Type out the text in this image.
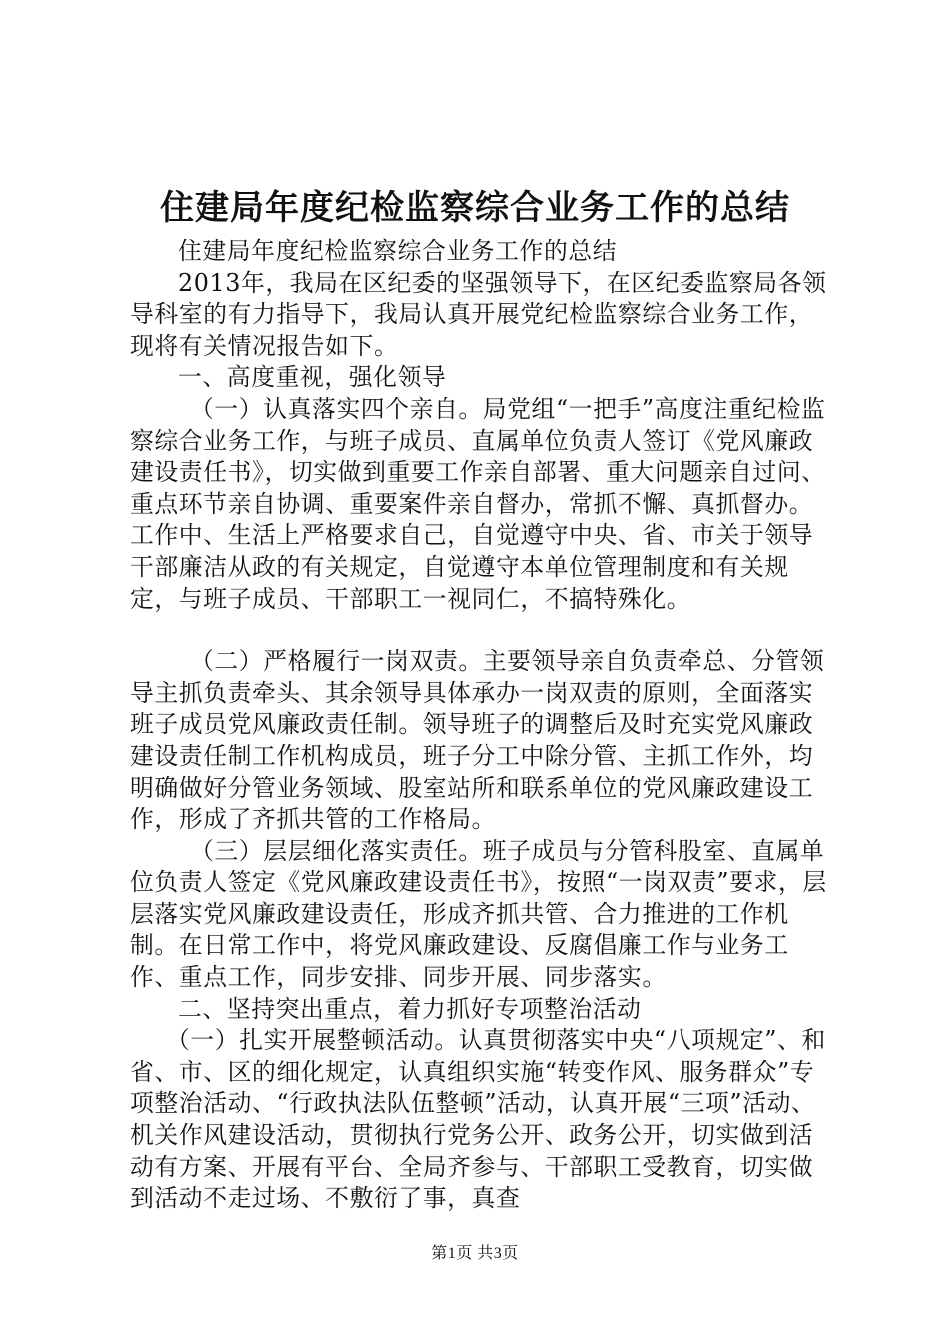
住建局年度纪检监察综合业务工作的总结

住建局年度纪检监察综合业务工作的总结

2013年，我局在区纪委的坚强领导下，在区纪委监察局各领导科室的有力指导下，我局认真开展党纪检监察综合业务工作，现将有关情况报告如下。

一、高度重视，强化领导

（一）认真落实四个亲自。局党组“一把手”高度注重纪检监察综合业务工作，与班子成员、直属单位负责人签订《党风廉政建设责任书》，切实做到重要工作亲自部署、重大问题亲自过问、重点环节亲自协调、重要案件亲自督办，常抓不懈、真抓督办。工作中、生活上严格要求自己，自觉遵守中央、省、市关于领导干部廉洁从政的有关规定，自觉遵守本单位管理制度和有关规定，与班子成员、干部职工一视同仁，不搞特殊化。

（二）严格履行一岗双责。主要领导亲自负责牵总、分管领导主抓负责牵头、其余领导具体承办一岗双责的原则，全面落实班子成员党风廉政责任制。领导班子的调整后及时充实党风廉政建设责任制工作机构成员，班子分工中除分管、主抓工作外，均明确做好分管业务领域、股室站所和联系单位的党风廉政建设工作，形成了齐抓共管的工作格局。

（三）层层细化落实责任。班子成员与分管科股室、直属单位负责人签定《党风廉政建设责任书》，按照“一岗双责”要求，层层落实党风廉政建设责任，形成齐抓共管、合力推进的工作机制。在日常工作中，将党风廉政建设、反腐倡廉工作与业务工作、重点工作，同步安排、同步开展、同步落实。

二、坚持突出重点，着力抓好专项整治活动

（一）扎实开展整顿活动。认真贯彻落实中央“八项规定”、和省、市、区的细化规定，认真组织实施“转变作风、服务群众”专项整治活动、“行政执法队伍整顿”活动，认真开展“三项”活动、机关作风建设活动，贯彻执行党务公开、政务公开，切实做到活动有方案、开展有平台、全局齐参与、干部职工受教育，切实做到活动不走过场、不敷衍了事，真查

第1页 共3页
